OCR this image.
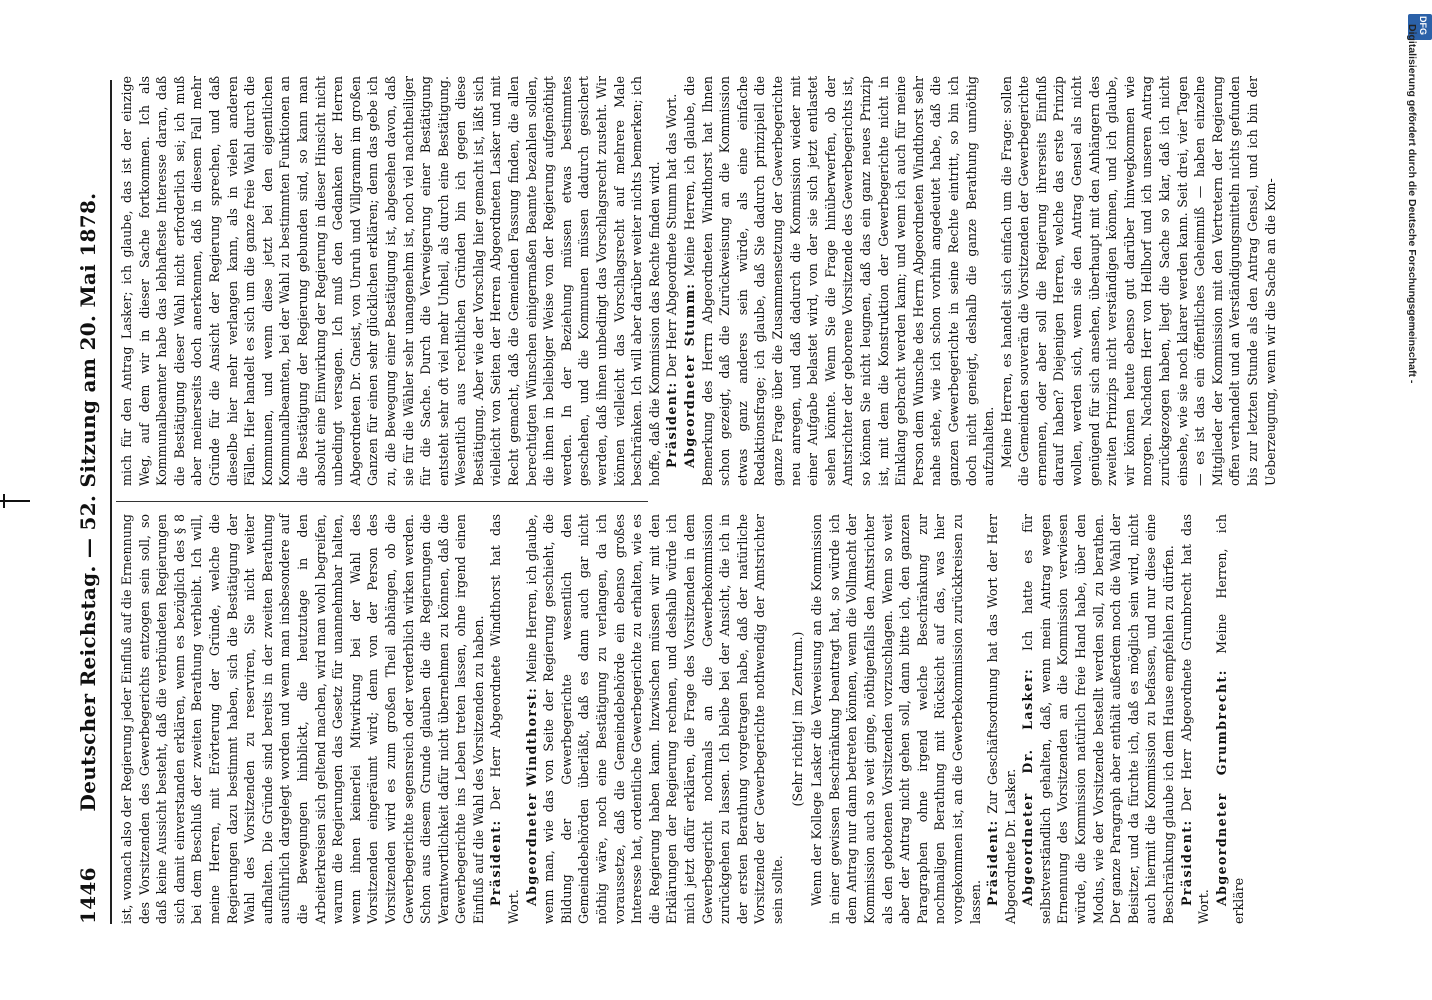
1446
Deutscher Reichstag. — 52. Sitzung am 20. Mai 1878. ist, wonach also der Regierung jeder Einfluß auf die Ernennung des Vorsitzenden des Gewerbegerichts entzogen sein soll, so daß keine Aussicht besteht, daß die verbündeten Regierungen sich damit einverstanden erklären, wenn es bezüglich des § 8 bei dem Beschluß der zweiten Berathung verbleibt. Ich will, meine Herren, mit Erörterung der Gründe, welche die Regierungen dazu bestimmt haben, sich die Bestätigung der Wahl des Vorsitzenden zu reserviren, Sie nicht weiter aufhalten. Die Gründe sind bereits in der zweiten Berathung ausführlich dargelegt worden und wenn man insbesondere auf die Bewegungen hinblickt, die heutzutage in den Arbeiterkreisen sich geltend machen, wird man wohl begreifen, warum die Regierungen das Gesetz für unannehmbar halten, wenn ihnen keinerlei Mitwirkung bei der Wahl des Vorsitzenden eingeräumt wird; denn von der Person des Vorsitzenden wird es zum großen Theil abhängen, ob die Gewerbegerichte segensreich oder verderblich wirken werden. Schon aus diesem Grunde glauben die die Regierungen die Verantwortlichkeit dafür nicht übernehmen zu können, daß die Gewerbegerichte ins Leben treten lassen, ohne irgend einen Einfluß auf die Wahl des Vorsitzenden zu haben. Präsident: Der Herr Abgeordnete Windthorst hat das Wort.

Abgeordneter Windthorst: Meine Herren, ich glaube, wenn man, wie das von Seite der Regierung geschieht, die Bildung der Gewerbegerichte wesentlich den Gemeindebehörden überläßt, daß es dann auch gar nicht nöthig wäre, noch eine Bestätigung zu verlangen, da ich voraussetze, daß die Gemeindebehörde ein ebenso großes Interesse hat, ordentliche Gewerbegerichte zu erhalten, wie es die Regierung haben kann. Inzwischen müssen wir mit den Erklärungen der Regierung rechnen, und deshalb würde ich mich jetzt dafür erklären, die Frage des Vorsitzenden in dem Gewerbegericht nochmals an die Gewerbekommission zurückgehen zu lassen. Ich bleibe bei der Ansicht, die ich in der ersten Berathung vorgetragen habe, daß der natürliche Vorsitzende der Gewerbegerichte nothwendig der Amtsrichter sein sollte.

(Sehr richtig! im Zentrum.) Wenn der Kollege Lasker die Verweisung an die Kommission in einer gewissen Beschränkung beantragt hat, so würde ich dem Antrag nur dann betreten können, wenn die Vollmacht der Kommission auch so weit ginge, nöthigenfalls den Amtsrichter als den gebotenen Vorsitzenden vorzuschlagen. Wenn so weit aber der Antrag nicht gehen soll, dann bitte ich, den ganzen Paragraphen ohne irgend welche Beschränkung zur nochmaligen Berathung mit Rücksicht auf das, was hier vorgekommen ist, an die Gewerbekommission zurückkreisen zu lassen. Präsident: Zur Geschäftsordnung hat das Wort der Herr Abgeordnete Dr. Lasker. Abgeordneter Dr. Lasker: Ich hatte es für selbstverständlich gehalten, daß, wenn mein Antrag wegen Ernennung des Vorsitzenden an die Kommission verwiesen würde, die Kommission natürlich freie Hand habe, über den Modus, wie der Vorsitzende bestellt werden soll, zu berathen. Der ganze Paragraph aber enthält außerdem noch die Wahl der Beisitzer, und da fürchte ich, daß es möglich sein wird, nicht auch hiermit die Kommission zu befassen, und nur diese eine Beschränkung glaube ich dem Hause empfehlen zu dürfen. Präsident: Der Herr Abgeordnete Grumbrecht hat das Wort.

Abgeordneter Grumbrecht: Meine Herren, ich erkläre

mich für den Antrag Lasker; ich glaube, das ist der einzige Weg, auf dem wir in dieser Sache fortkommen. Ich als Kommunalbeamter habe das lebhafteste Interesse daran, daß die Bestätigung dieser Wahl nicht erforderlich sei; ich muß aber meinerseits doch anerkennen, daß in diesem Fall mehr Gründe für die Ansicht der Regierung sprechen, und daß dieselbe hier mehr verlangen kann, als in vielen anderen Fällen. Hier handelt es sich um die ganze freie Wahl durch die Kommunen, und wenn diese jetzt bei den eigentlichen Kommunalbeamten, bei der Wahl zu bestimmten Funktionen an die Bestätigung der Regierung gebunden sind, so kann man absolut eine Einwirkung der Regierung in dieser Hinsicht nicht unbedingt versagen. Ich muß den Gedanken der Herren Abgeordneten Dr. Gneist, von Unruh und Villgramm im großen Ganzen für einen sehr glücklichen erklären; denn das gebe ich zu, die Bewegung einer Bestätigung ist, abgesehen davon, daß sie für die Wähler sehr unangenehm ist, noch viel nachtheiliger für die Sache. Durch die Verweigerung einer Bestätigung entsteht sehr oft viel mehr Unheil, als durch eine Bestätigung. Wesentlich aus rechtlichen Gründen bin ich gegen diese Bestätigung. Aber wie der Vorschlag hier gemacht ist, läßt sich vielleicht von Seiten der Herren Abgeordneten Lasker und mit Recht gemacht, daß die Gemeinden Fassung finden, die allen berechtigten Wünschen einigermaßen Beamte bezahlen sollen, die ihnen in beliebiger Weise von der Regierung aufgenöthigt werden. In der Beziehung müssen etwas bestimmtes geschehen, und die Kommunen müssen dadurch gesichert werden, daß ihnen unbedingt das Vorschlagsrecht zusteht. Wir können vielleicht das Vorschlagsrecht auf mehrere Male beschränken. Ich will aber darüber weiter nichts bemerken; ich hoffe, daß die Kommission das Rechte finden wird. Präsident: Der Herr Abgeordnete Stumm hat das Wort. Abgeordneter Stumm: Meine Herren, ich glaube, die Bemerkung des Herrn Abgeordneten Windthorst hat Ihnen schon gezeigt, daß die Zurückweisung an die Kommission etwas ganz anderes sein würde, als eine einfache Redaktionsfrage; ich glaube, daß Sie dadurch prinzipiell die ganze Frage über die Zusammensetzung der Gewerbegerichte neu anregen, und daß dadurch die Kommission wieder mit einer Aufgabe belastet wird, von der sie sich jetzt entlastet sehen könnte. Wenn Sie die Frage hinüberwerfen, ob der Amtsrichter der geborene Vorsitzende des Gewerbegerichts ist, so können Sie nicht leugnen, daß das ein ganz neues Prinzip ist, mit dem die Konstruktion der Gewerbegerichte nicht in Einklang gebracht werden kann; und wenn ich auch für meine Person dem Wunsche des Herrn Abgeordneten Windthorst sehr nahe stehe, wie ich schon vorhin angedeutet habe, daß die ganzen Gewerbegerichte in seine Rechte eintritt, so bin ich doch nicht geneigt, deshalb die ganze Berathung unnöthig aufzuhalten. Meine Herren, es handelt sich einfach um die Frage: sollen die Gemeinden souverän die Vorsitzenden der Gewerbegerichte ernennen, oder aber soll die Regierung ihrerseits Einfluß darauf haben? Diejenigen Herren, welche das erste Prinzip wollen, werden sich, wenn sie den Antrag Gensel als nicht genügend für sich ansehen, überhaupt mit den Anhängern des zweiten Prinzips nicht verständigen können, und ich glaube, wir können heute ebenso gut darüber hinwegkommen wie morgen. Nachdem Herr von Hellborf und ich unseren Antrag zurückgezogen haben, liegt die Sache so klar, daß ich nicht einsehe, wie sie noch klarer werden kann. Seit drei, vier Tagen — es ist das ein öffentliches Geheimniß — haben einzelne Mitglieder der Kommission mit den Vertretern der Regierung offen verhandelt und an Verständigungsmitteln nichts gefunden bis zur letzten Stunde als den Antrag Gensel, und ich bin der Ueberzeugung, wenn wir die Sache an die Kom-

DFG
Digitalisierung gefördert durch die Deutsche Forschungsgemeinschaft -
